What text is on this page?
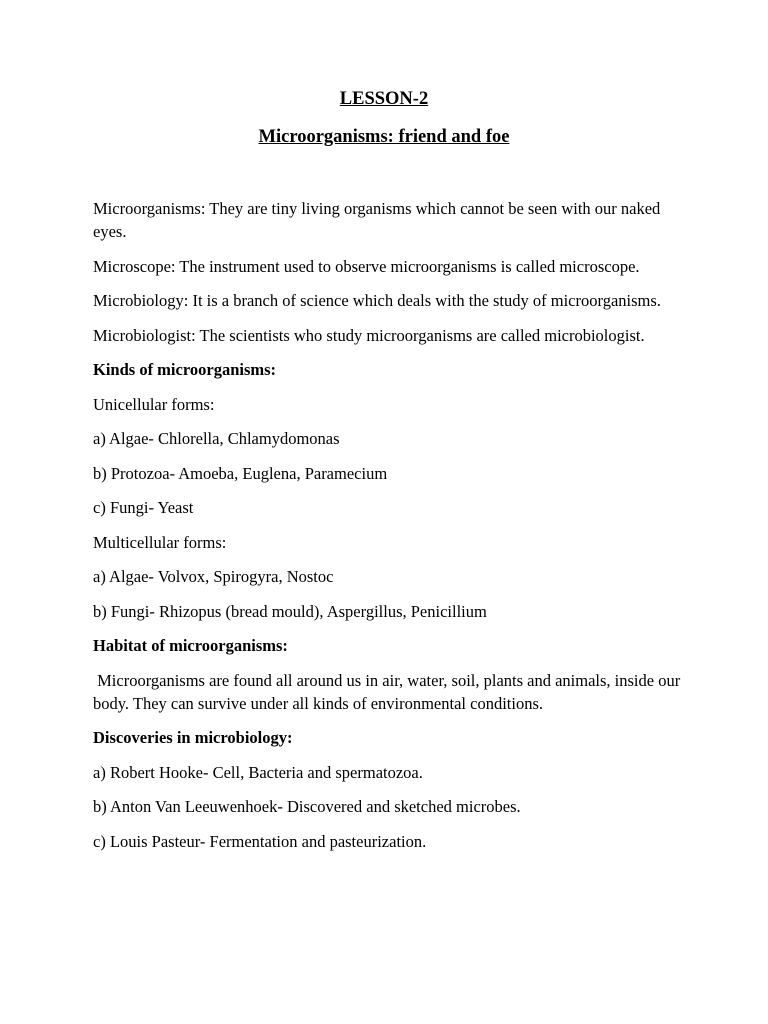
LESSON-2
Microorganisms: friend and foe

Microorganisms: They are tiny living organisms which cannot be seen with our naked eyes.

Microscope: The instrument used to observe microorganisms is called microscope.

Microbiology: It is a branch of science which deals with the study of microorganisms.

Microbiologist: The scientists who study microorganisms are called microbiologist.

Kinds of microorganisms:

Unicellular forms:

a) Algae- Chlorella, Chlamydomonas

b) Protozoa- Amoeba, Euglena, Paramecium

c) Fungi- Yeast

Multicellular forms:

a) Algae- Volvox, Spirogyra, Nostoc

b) Fungi- Rhizopus (bread mould), Aspergillus, Penicillium

Habitat of microorganisms:

Microorganisms are found all around us in air, water, soil, plants and animals, inside our body. They can survive under all kinds of environmental conditions.

Discoveries in microbiology:

a) Robert Hooke- Cell, Bacteria and spermatozoa.

b) Anton Van Leeuwenhoek- Discovered and sketched microbes.

c) Louis Pasteur- Fermentation and pasteurization.
